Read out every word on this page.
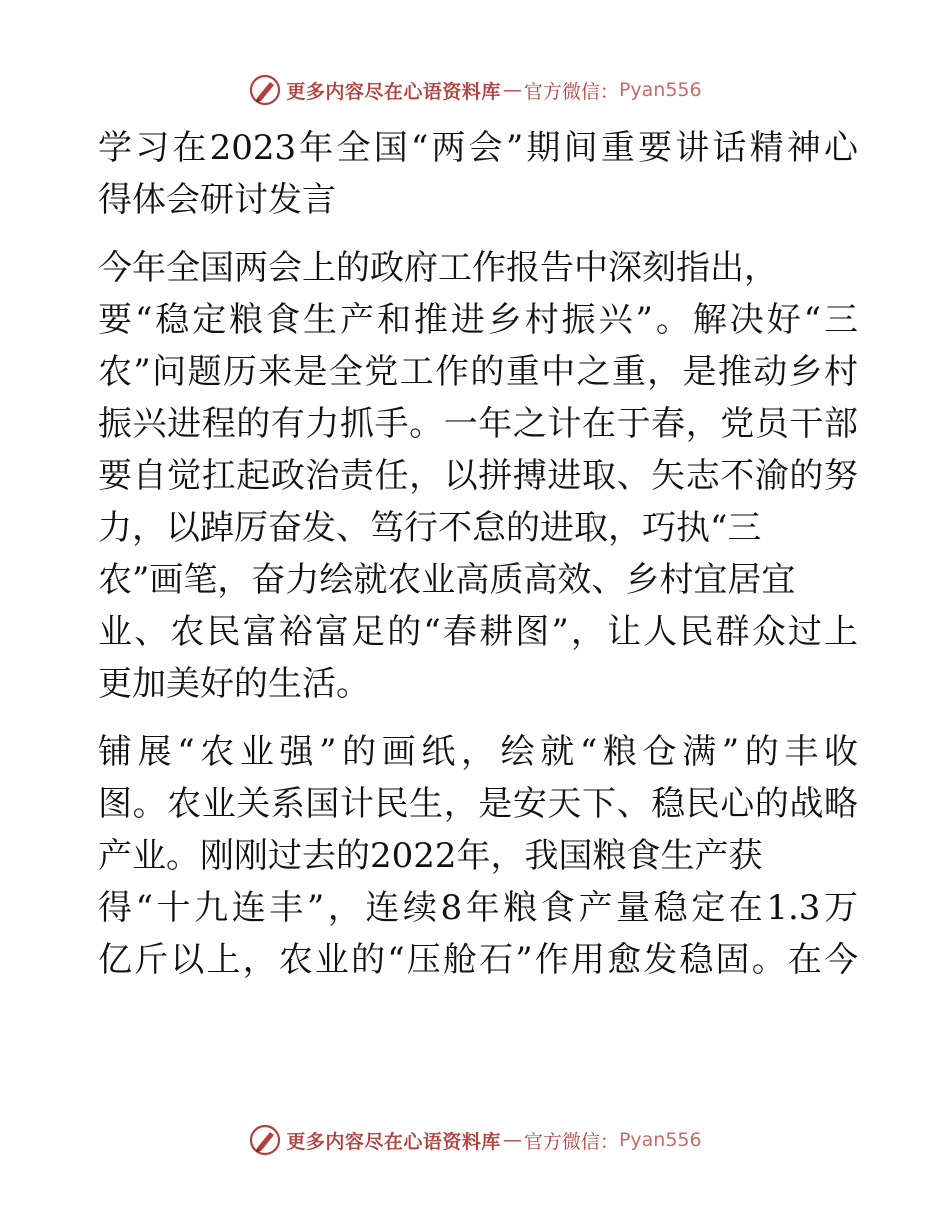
更多内容尽在心语资料库 — 官方微信： Pyan556
学习在2023年全国“两会”期间重要讲话精神心
得体会研讨发言
今年全国两会上的政府工作报告中深刻指出，
要“稳定粮食生产和推进乡村振兴”。解决好“三
农”问题历来是全党工作的重中之重，是推动乡村
振兴进程的有力抓手。一年之计在于春，党员干部
要自觉扛起政治责任，以拼搏进取、矢志不渝的努
力，以踔厉奋发、笃行不怠的进取，巧执“三
农”画笔，奋力绘就农业高质高效、乡村宜居宜
业、农民富裕富足的“春耕图”，让人民群众过上
更加美好的生活。
铺展“农业强”的画纸，绘就“粮仓满”的丰收
图。农业关系国计民生，是安天下、稳民心的战略
产业。刚刚过去的2022年，我国粮食生产获
得“十九连丰”，连续8年粮食产量稳定在1.3万
亿斤以上，农业的“压舱石”作用愈发稳固。在今
更多内容尽在心语资料库 — 官方微信： Pyan556
